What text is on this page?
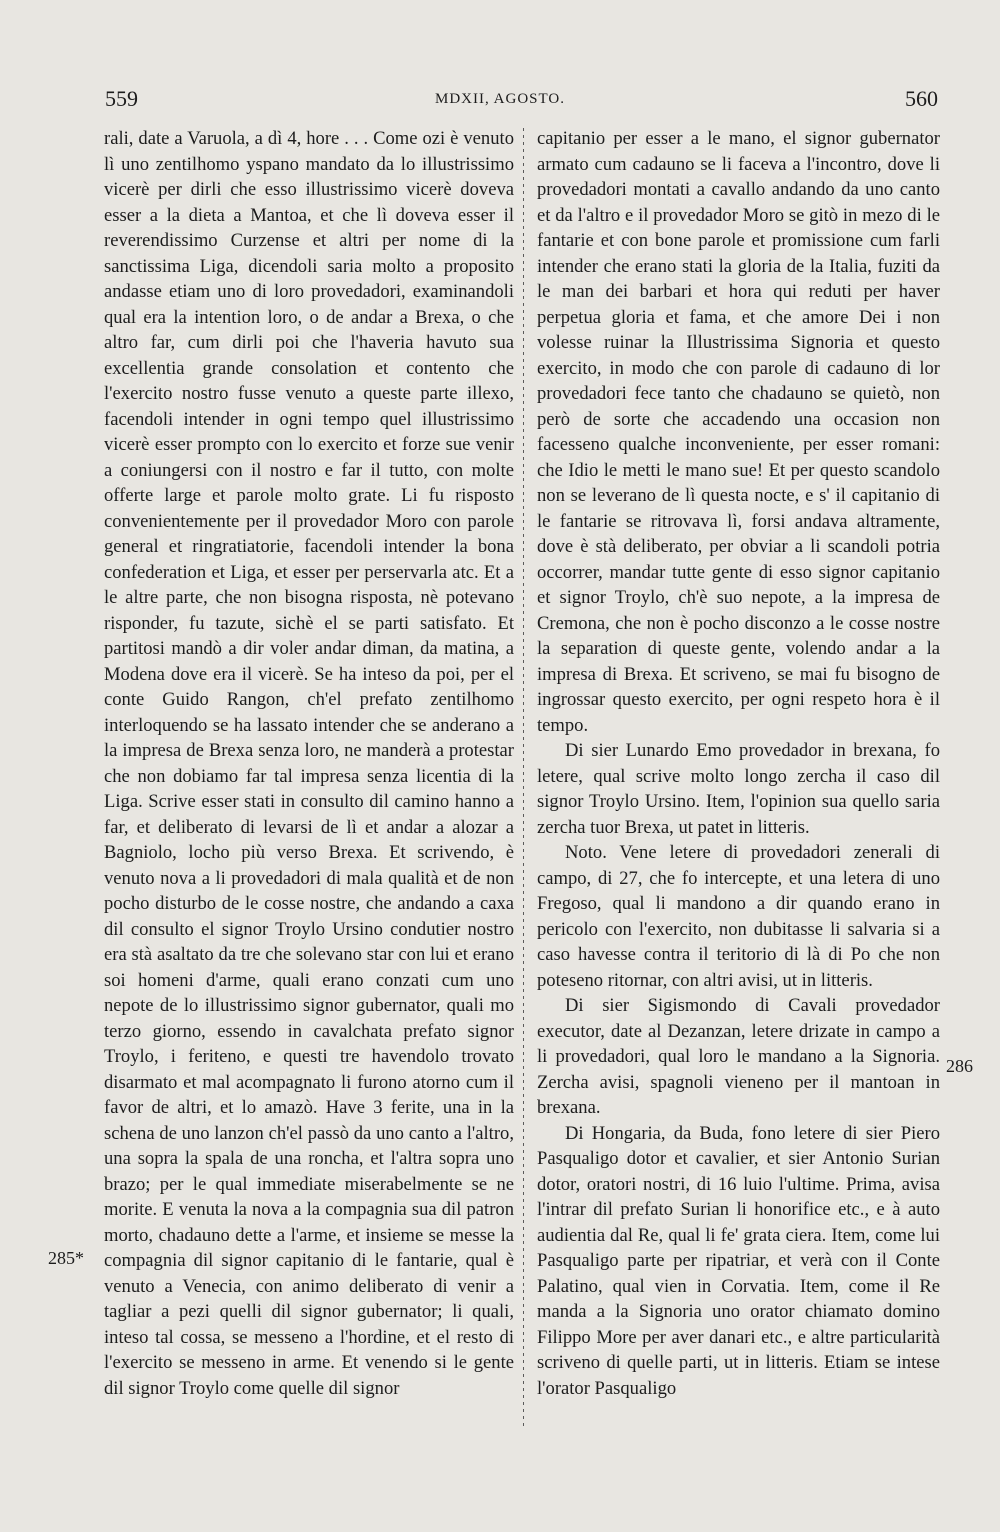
559	MDXII, AGOSTO.	560
285*
286

rali, date a Varuola, a dì 4, hore . . . Come ozi è venuto lì uno zentilhomo yspano mandato da lo illustrissimo vicerè per dirli che esso illustrissimo vicerè doveva esser a la dieta a Mantoa, et che lì doveva esser il reverendissimo Curzense et altri per nome di la sanctissima Liga, dicendoli saria molto a proposito andasse etiam uno di loro provedadori, examinandoli qual era la intention loro, o de andar a Brexa, o che altro far, cum dirli poi che l'haveria havuto sua excellentia grande consolation et contento che l'exercito nostro fusse venuto a queste parte illexo, facendoli intender in ogni tempo quel illustrissimo vicerè esser prompto con lo exercito et forze sue venir a coniungersi con il nostro e far il tutto, con molte offerte large et parole molto grate. Li fu risposto convenientemente per il provedador Moro con parole general et ringratiatorie, facendoli intender la bona confederation et Liga, et esser per perservarla atc. Et a le altre parte, che non bisogna risposta, nè potevano risponder, fu tazute, sichè el se parti satisfato. Et partitosi mandò a dir voler andar diman, da matina, a Modena dove era il vicerè. Se ha inteso da poi, per el conte Guido Rangon, ch'el prefato zentilhomo interloquendo se ha lassato intender che se anderano a la impresa de Brexa senza loro, ne manderà a protestar che non dobiamo far tal impresa senza licentia di la Liga. Scrive esser stati in consulto dil camino hanno a far, et deliberato di levarsi de lì et andar a alozar a Bagniolo, locho più verso Brexa. Et scrivendo, è venuto nova a li provedadori di mala qualità et de non pocho disturbo de le cosse nostre, che andando a caxa dil consulto el signor Troylo Ursino condutier nostro era stà asaltato da tre che solevano star con lui et erano soi homeni d'arme, quali erano conzati cum uno nepote de lo illustrissimo signor gubernator, quali mo terzo giorno, essendo in cavalchata prefato signor Troylo, i feriteno, e questi tre havendolo trovato disarmato et mal acompagnato li furono atorno cum il favor de altri, et lo amazò. Have 3 ferite, una in la schena de uno lanzon ch'el passò da uno canto a l'altro, una sopra la spala de una roncha, et l'altra sopra uno brazo; per le qual immediate miserabelmente se ne morite. E venuta la nova a la compagnia sua dil patron morto, chadauno dette a l'arme, et insieme se messe la compagnia dil signor capitanio di le fantarie, qual è venuto a Venecia, con animo deliberato di venir a tagliar a pezi quelli dil signor gubernator; li quali, inteso tal cossa, se messeno a l'hordine, et el resto di l'exercito se messeno in arme. Et venendo si le gente dil signor Troylo come quelle dil signor

capitanio per esser a le mano, el signor gubernator armato cum cadauno se li faceva a l'incontro, dove li provedadori montati a cavallo andando da uno canto et da l'altro e il provedador Moro se gitò in mezo di le fantarie et con bone parole et promissione cum farli intender che erano stati la gloria de la Italia, fuziti da le man dei barbari et hora qui reduti per haver perpetua gloria et fama, et che amore Dei i non volesse ruinar la Illustrissima Signoria et questo exercito, in modo che con parole di cadauno di lor provedadori fece tanto che chadauno se quietò, non però de sorte che accadendo una occasion non facesseno qualche inconveniente, per esser romani: che Idio le metti le mano sue! Et per questo scandolo non se leverano de lì questa nocte, e s' il capitanio di le fantarie se ritrovava lì, forsi andava altramente, dove è stà deliberato, per obviar a li scandoli potria occorrer, mandar tutte gente di esso signor capitanio et signor Troylo, ch'è suo nepote, a la impresa de Cremona, che non è pocho disconzo a le cosse nostre la separation di queste gente, volendo andar a la impresa di Brexa. Et scriveno, se mai fu bisogno de ingrossar questo exercito, per ogni respeto hora è il tempo.

Di sier Lunardo Emo provedador in brexana, fo letere, qual scrive molto longo zercha il caso dil signor Troylo Ursino. Item, l'opinion sua quello saria zercha tuor Brexa, ut patet in litteris.

Noto. Vene letere di provedadori zenerali di campo, di 27, che fo intercepte, et una letera di uno Fregoso, qual li mandono a dir quando erano in pericolo con l'exercito, non dubitasse li salvaria si a caso havesse contra il teritorio di là di Po che non poteseno ritornar, con altri avisi, ut in litteris.

Di sier Sigismondo di Cavali provedador executor, date al Dezanzan, letere drizate in campo a li provedadori, qual loro le mandano a la Signoria. Zercha avisi, spagnoli vieneno per il mantoan in brexana.

Di Hongaria, da Buda, fono letere di sier Piero Pasqualigo dotor et cavalier, et sier Antonio Surian dotor, oratori nostri, di 16 luio l'ultime. Prima, avisa l'intrar dil prefato Surian li honorifice etc., e à auto audientia dal Re, qual li fe' grata ciera. Item, come lui Pasqualigo parte per ripatriar, et verà con il Conte Palatino, qual vien in Corvatia. Item, come il Re manda a la Signoria uno orator chiamato domino Filippo More per aver danari etc., e altre particularità scriveno di quelle parti, ut in litteris. Etiam se intese l'orator Pasqualigo
